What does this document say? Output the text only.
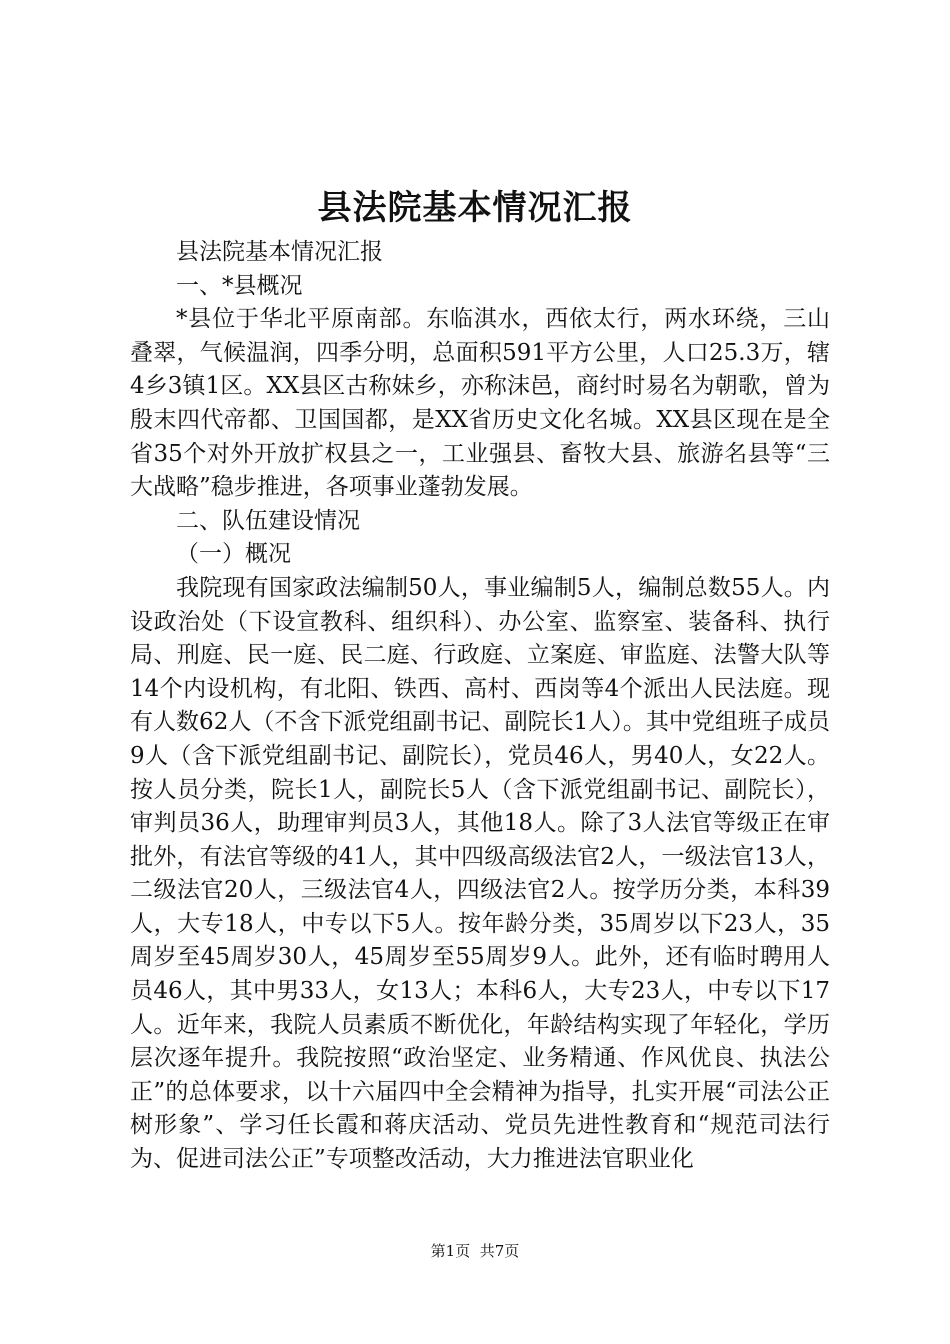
县法院基本情况汇报

县法院基本情况汇报

一、*县概况

*县位于华北平原南部。东临淇水，西依太行，两水环绕，三山叠翠，气候温润，四季分明，总面积591平方公里，人口25.3万，辖4乡3镇1区。XX县区古称妹乡，亦称沫邑，商纣时易名为朝歌，曾为殷末四代帝都、卫国国都，是XX省历史文化名城。XX县区现在是全省35个对外开放扩权县之一，工业强县、畜牧大县、旅游名县等“三大战略”稳步推进，各项事业蓬勃发展。

二、队伍建设情况

（一）概况

我院现有国家政法编制50人，事业编制5人，编制总数55人。内设政治处（下设宣教科、组织科）、办公室、监察室、装备科、执行局、刑庭、民一庭、民二庭、行政庭、立案庭、审监庭、法警大队等14个内设机构，有北阳、铁西、高村、西岗等4个派出人民法庭。现有人数62人（不含下派党组副书记、副院长1人）。其中党组班子成员9人（含下派党组副书记、副院长），党员46人，男40人，女22人。按人员分类，院长1人，副院长5人（含下派党组副书记、副院长），审判员36人，助理审判员3人，其他18人。除了3人法官等级正在审批外，有法官等级的41人，其中四级高级法官2人，一级法官13人，二级法官20人，三级法官4人，四级法官2人。按学历分类，本科39人，大专18人，中专以下5人。按年龄分类，35周岁以下23人，35周岁至45周岁30人，45周岁至55周岁9人。此外，还有临时聘用人员46人，其中男33人，女13人；本科6人，大专23人，中专以下17人。近年来，我院人员素质不断优化，年龄结构实现了年轻化，学历层次逐年提升。我院按照“政治坚定、业务精通、作风优良、执法公正”的总体要求，以十六届四中全会精神为指导，扎实开展“司法公正树形象”、学习任长霞和蒋庆活动、党员先进性教育和“规范司法行为、促进司法公正”专项整改活动，大力推进法官职业化

第1页 共7页
